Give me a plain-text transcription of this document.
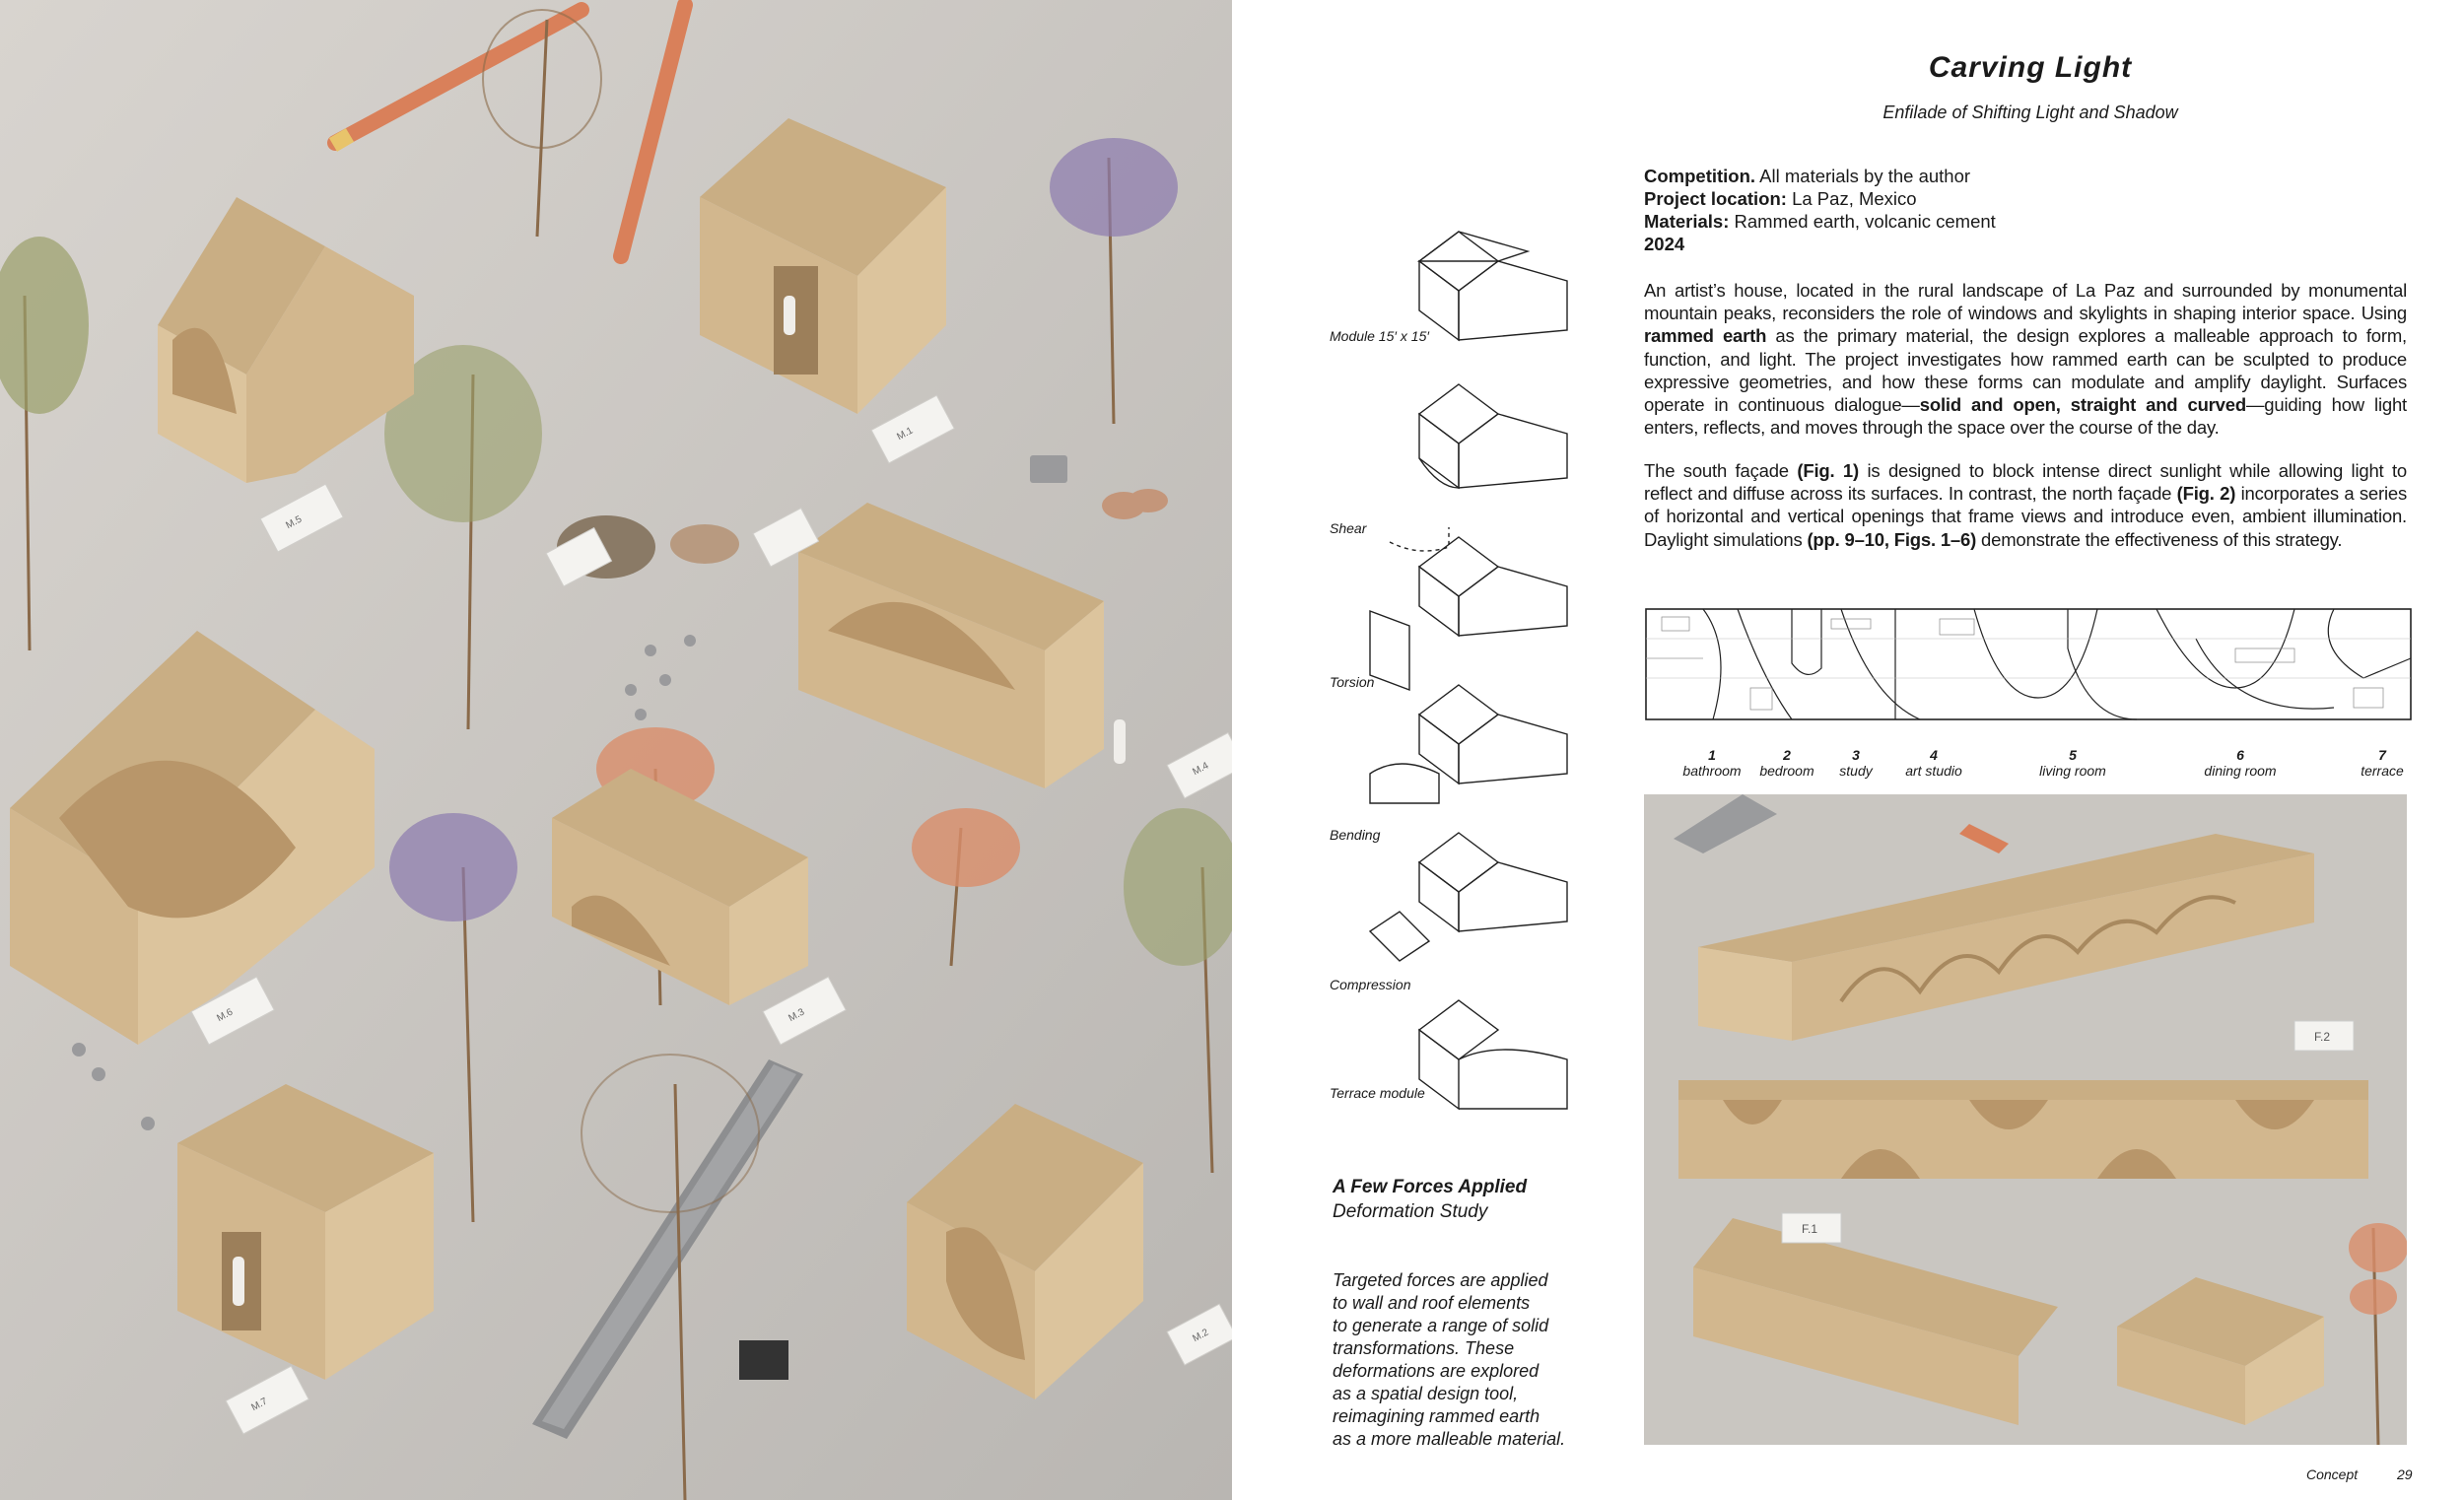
M.5
M.1
M.4
M.6	M.3
M.2
M.7
Carving Light
Enfilade of Shifting Light and Shadow
Competition. All materials by the author
Project location: La Paz, Mexico
Materials: Rammed earth, volcanic cement
2024
An artist’s house, located in the rural landscape of La Paz and surrounded by monumental mountain peaks, reconsiders the role of windows and skylights in shaping interior space. Using rammed earth as the primary material, the design explores a malleable approach to form, function, and light. The project investigates how rammed earth can be sculpted to produce expressive geometries, and how these forms can modulate and amplify daylight. Surfaces operate in continuous dialogue—solid and open, straight and curved—guiding how light enters, reflects, and moves through the space over the course of the day.
The south façade (Fig. 1) is designed to block intense direct sunlight while allowing light to reflect and diffuse across its surfaces. In contrast, the north façade (Fig. 2) incorporates a series of horizontal and vertical openings that frame views and introduce even, ambient illumination. Daylight simulations (pp. 9–10, Figs. 1–6) demonstrate the effectiveness of this strategy.
Module 15′ x 15′
Shear
Torsion
Bending
Compression
Terrace module
A Few Forces Applied
Deformation Study
Targeted forces are applied
to wall and roof elements
to generate a range of solid
transformations. These
deformations are explored
as a spatial design tool,
reimagining rammed earth
as a more malleable material.
1
bathroom
2
bedroom
3
study
4
art studio
5
living room
6
dining room
7
terrace
F.2
F.1
Concept	29
